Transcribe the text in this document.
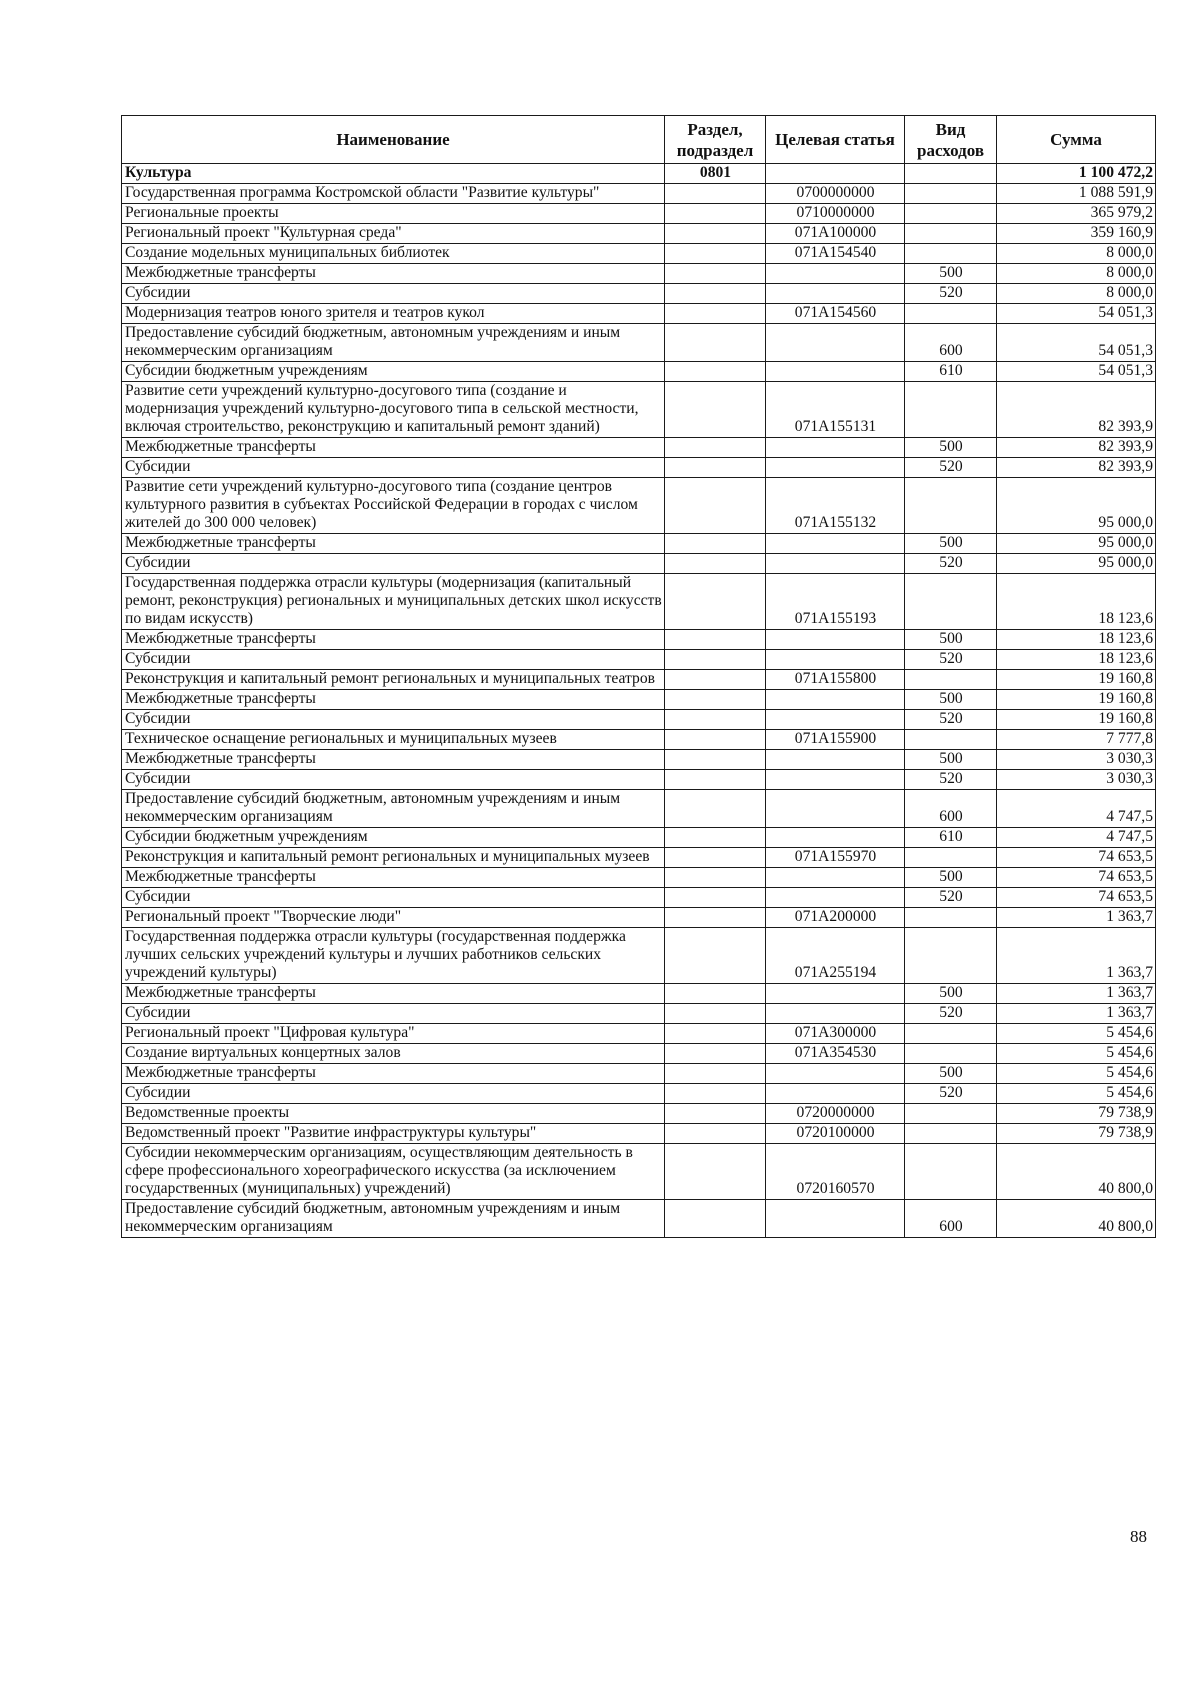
Наименование	Раздел, подраздел	Целевая статья	Вид расходов	Сумма
Культура	0801			1 100 472,2
Государственная программа Костромской области "Развитие культуры"		0700000000		1 088 591,9
Региональные проекты		0710000000		365 979,2
Региональный проект "Культурная среда"		071А100000		359 160,9
Создание модельных муниципальных библиотек		071А154540		8 000,0
Межбюджетные трансферты			500	8 000,0
Субсидии			520	8 000,0
Модернизация театров юного зрителя и театров кукол		071А154560		54 051,3
Предоставление субсидий бюджетным, автономным учреждениям и иным некоммерческим организациям			600	54 051,3
Субсидии бюджетным учреждениям			610	54 051,3
Развитие сети учреждений культурно-досугового типа (создание и модернизация учреждений культурно-досугового типа в сельской местности, включая строительство, реконструкцию и капитальный ремонт зданий)		071А155131		82 393,9
Межбюджетные трансферты			500	82 393,9
Субсидии			520	82 393,9
Развитие сети учреждений культурно-досугового типа (создание центров культурного развития в субъектах Российской Федерации в городах с числом жителей до 300 000 человек)		071А155132		95 000,0
Межбюджетные трансферты			500	95 000,0
Субсидии			520	95 000,0
Государственная поддержка отрасли культуры (модернизация (капитальный ремонт, реконструкция) региональных и муниципальных детских школ искусств по видам искусств)		071А155193		18 123,6
Межбюджетные трансферты			500	18 123,6
Субсидии			520	18 123,6
Реконструкция и капитальный ремонт региональных и муниципальных театров		071А155800		19 160,8
Межбюджетные трансферты			500	19 160,8
Субсидии			520	19 160,8
Техническое оснащение региональных и муниципальных музеев		071А155900		7 777,8
Межбюджетные трансферты			500	3 030,3
Субсидии			520	3 030,3
Предоставление субсидий бюджетным, автономным учреждениям и иным некоммерческим организациям			600	4 747,5
Субсидии бюджетным учреждениям			610	4 747,5
Реконструкция и капитальный ремонт региональных и муниципальных музеев		071А155970		74 653,5
Межбюджетные трансферты			500	74 653,5
Субсидии			520	74 653,5
Региональный проект "Творческие люди"		071А200000		1 363,7
Государственная поддержка отрасли культуры (государственная поддержка лучших сельских учреждений культуры и лучших работников сельских учреждений культуры)		071А255194		1 363,7
Межбюджетные трансферты			500	1 363,7
Субсидии			520	1 363,7
Региональный проект "Цифровая культура"		071А300000		5 454,6
Создание виртуальных концертных залов		071А354530		5 454,6
Межбюджетные трансферты			500	5 454,6
Субсидии			520	5 454,6
Ведомственные проекты		0720000000		79 738,9
Ведомственный проект "Развитие инфраструктуры культуры"		0720100000		79 738,9
Субсидии некоммерческим организациям, осуществляющим деятельность в сфере профессионального хореографического искусства (за исключением государственных (муниципальных) учреждений)		0720160570		40 800,0
Предоставление субсидий бюджетным, автономным учреждениям и иным некоммерческим организациям			600	40 800,0
88
